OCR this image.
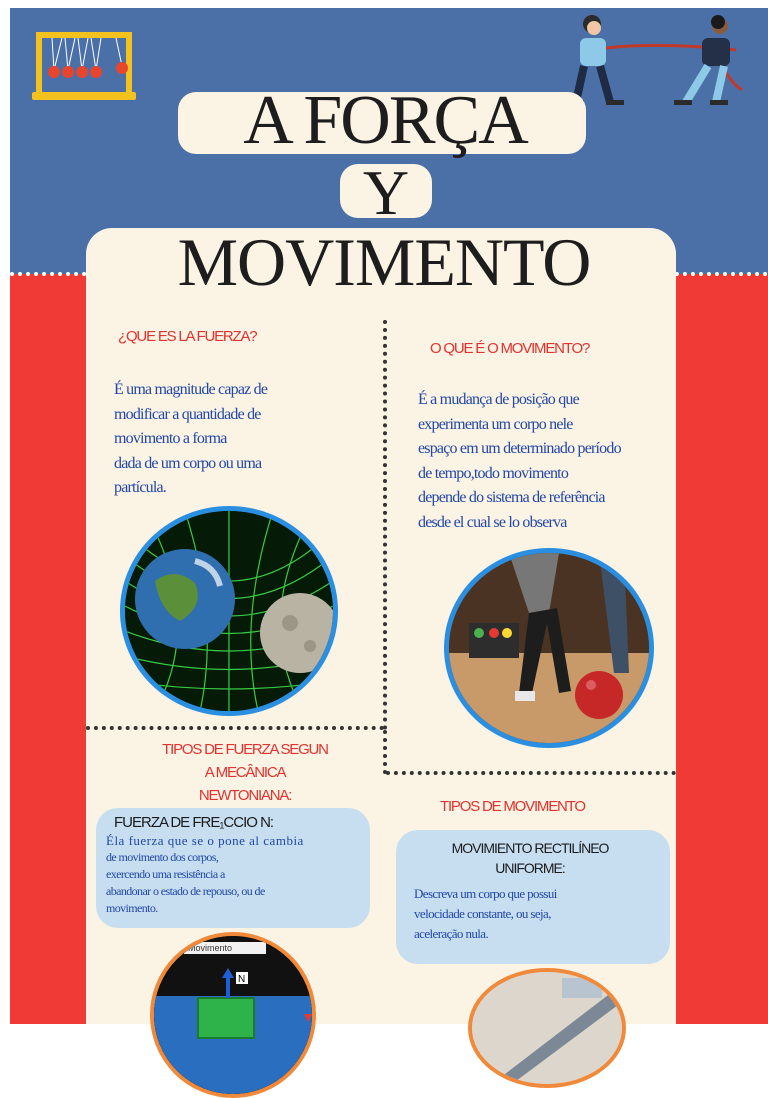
A FORÇA
Y
MOVIMENTO
¿QUE ES LA FUERZA?
É uma magnitude capaz de
modificar a quantidade de
movimento a forma
dada de um corpo ou uma
partícula.
O QUE É O MOVIMENTO?
É a mudança de posição que
experimenta um corpo nele
espaço em um determinado período
de tempo,todo movimento
depende do sistema de referência
desde el cual se lo observa
TIPOS DE FUERZA SEGUN
A MECÂNICA
NEWTONIANA:
FUERZA DE FRE₁CCIO N:
Éla fuerza que se o pone al cambia
de movimento dos corpos,
exercendo uma resistência a
abandonar o estado de repouso, ou de
movimento.
Movimento
N
TIPOS DE MOVIMENTO
MOVIMIENTO RECTILÍNEO
UNIFORME:
Descreva um corpo que possui
velocidade constante, ou seja,
aceleração nula.
